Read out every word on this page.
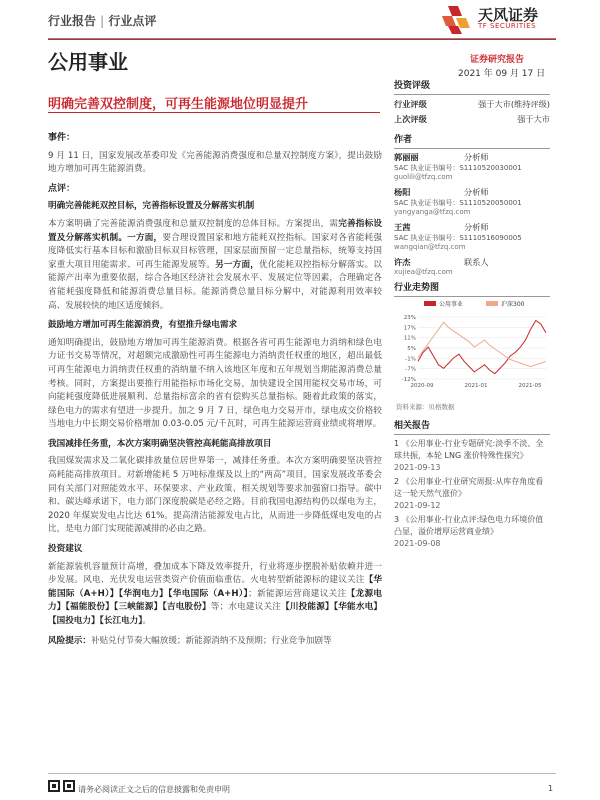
行业报告 | 行业点评	天风证券
TF SECURITIES
公用事业	证券研究报告
2021 年 09 月 17 日
明确完善双控制度，可再生能源地位明显提升

事件：

9 月 11 日，国家发展改革委印发《完善能源消费强度和总量双控制度方案》，提出鼓励地方增加可再生能源消费。

点评：

明确完善能耗双控目标，完善指标设置及分解落实机制

本方案明确了完善能源消费强度和总量双控制度的总体目标。方案提出，需完善指标设置及分解落实机制。一方面，要合理设置国家和地方能耗双控指标。国家对各省能耗强度降低实行基本目标和激励目标双目标管理，国家层面预留一定总量指标，统筹支持国家重大项目用能需求、可再生能源发展等。另一方面，优化能耗双控指标分解落实。以能源产出率为重要依据，综合各地区经济社会发展水平、发展定位等因素，合理确定各省能耗强度降低和能源消费总量目标。能源消费总量目标分解中，对能源利用效率较高、发展较快的地区适度倾斜。

鼓励地方增加可再生能源消费，有望推升绿电需求

通知明确提出，鼓励地方增加可再生能源消费。根据各省可再生能源电力消纳和绿色电力证书交易等情况，对超额完成激励性可再生能源电力消纳责任权重的地区，超出最低可再生能源电力消纳责任权重的消纳量不纳入该地区年度和五年规划当期能源消费总量考核。同时，方案提出要推行用能指标市场化交易，加快建设全国用能权交易市场，可向能耗强度降低进展顺利、总量指标富余的省有偿购买总量指标。随着此政策的落实，绿色电力的需求有望进一步提升。加之 9 月 7 日，绿色电力交易开市，绿电成交价格较当地电力中长期交易价格增加 0.03-0.05 元/千瓦时，可再生能源运营商业绩或将增厚。

我国减排任务重，本次方案明确坚决管控高耗能高排放项目

我国煤炭需求及二氧化碳排放量位居世界第一，减排任务重。本次方案明确要坚决管控高耗能高排放项目。对新增能耗 5 万吨标准煤及以上的“两高”项目，国家发展改革委会同有关部门对照能效水平、环保要求、产业政策、相关规划等要求加强窗口指导。碳中和、碳达峰承诺下，电力部门深度脱碳是必经之路。目前我国电源结构仍以煤电为主，2020 年煤炭发电占比达 61%。提高清洁能源发电占比，从而进一步降低煤电发电的占比，是电力部门实现能源减排的必由之路。

投资建议

新能源装机容量预计高增，叠加成本下降及效率提升，行业将逐步摆脱补贴依赖并进一步发展。风电、光伏发电运营类资产价值面临重估。火电转型新能源标的建议关注【华能国际（A+H）】【华润电力】【华电国际（A+H）】；新能源运营商建议关注【龙源电力】【福能股份】【三峡能源】【吉电股份】等；水电建议关注【川投能源】【华能水电】【国投电力】【长江电力】。

风险提示：补贴兑付节奏大幅放缓；新能源消纳不及预期；行业竞争加剧等

投资评级
行业评级	强于大市(维持评级)
上次评级	强于大市
作者
郭丽丽	分析师
SAC 执业证书编号：S1110520030001
guolili@tfzq.com
杨阳	分析师
SAC 执业证书编号：S1110520050001
yangyanga@tfzq.com
王茜	分析师
SAC 执业证书编号：S1110516090005
wangqian@tfzq.com
许杰	联系人
xujiea@tfzq.com
行业走势图
公用事业	沪深300
23%
17%
11%
5%
-1%
-7%
-12%
2020-09	2021-01	2021-05
资料来源：贝格数据
相关报告
1 《公用事业-行业专题研究:淡季不淡、全球共振，本轮 LNG 涨价特殊性探究》
2021-09-13
2 《公用事业-行业研究周报:从库存角度看这一轮天然气涨价》
2021-09-12
3 《公用事业-行业点评:绿色电力环境价值凸显，溢价增厚运营商业绩》
2021-09-08
请务必阅读正文之后的信息披露和免责申明	1
